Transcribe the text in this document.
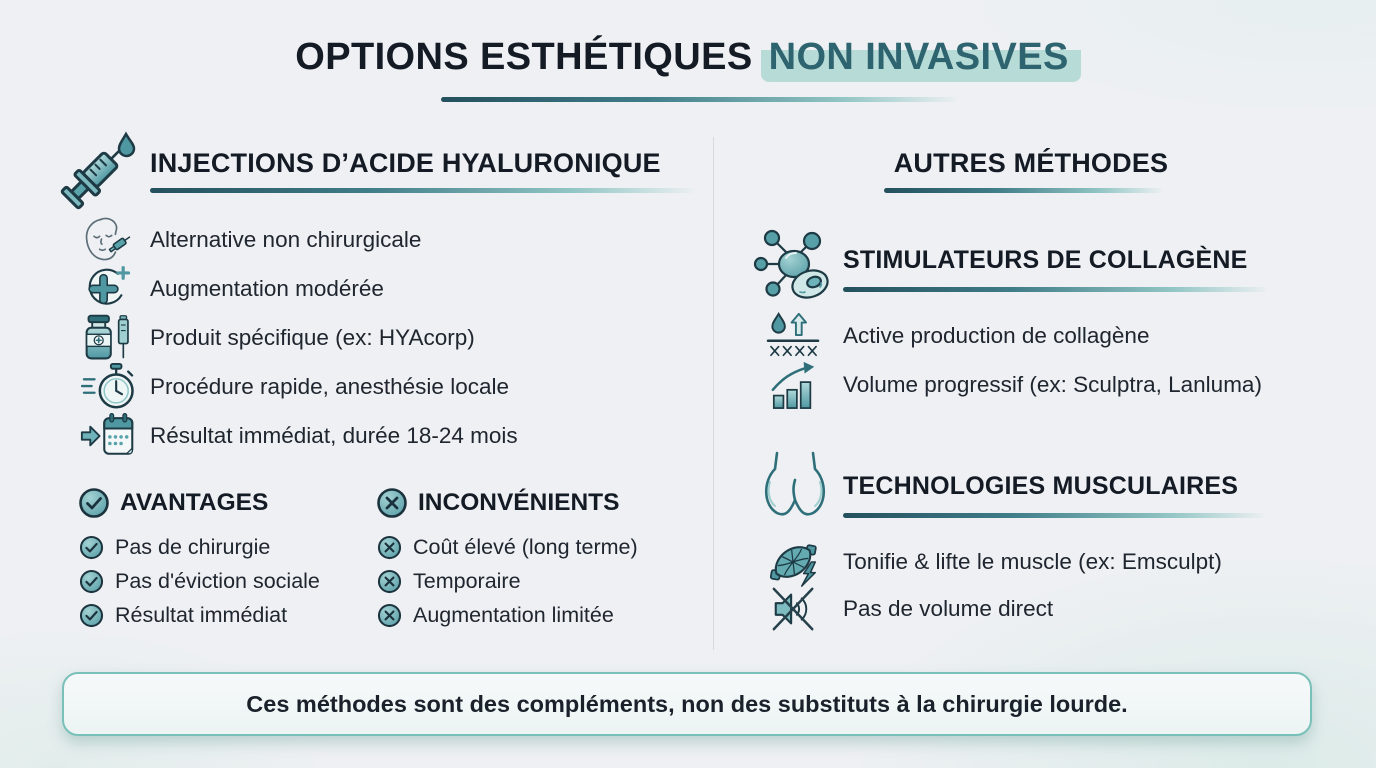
OPTIONS ESTHÉTIQUES NON INVASIVES
INJECTIONS D’ACIDE HYALURONIQUE
Alternative non chirurgicale
Augmentation modérée
Produit spécifique (ex: HYAcorp)
Procédure rapide, anesthésie locale
Résultat immédiat, durée 18-24 mois
AVANTAGES
Pas de chirurgie
Pas d'éviction sociale
Résultat immédiat
INCONVÉNIENTS
Coût élevé (long terme)
Temporaire
Augmentation limitée
AUTRES MÉTHODES
STIMULATEURS DE COLLAGÈNE
Active production de collagène
Volume progressif (ex: Sculptra, Lanluma)
TECHNOLOGIES MUSCULAIRES
Tonifie & lifte le muscle (ex: Emsculpt)
Pas de volume direct
Ces méthodes sont des compléments, non des substituts à la chirurgie lourde.
